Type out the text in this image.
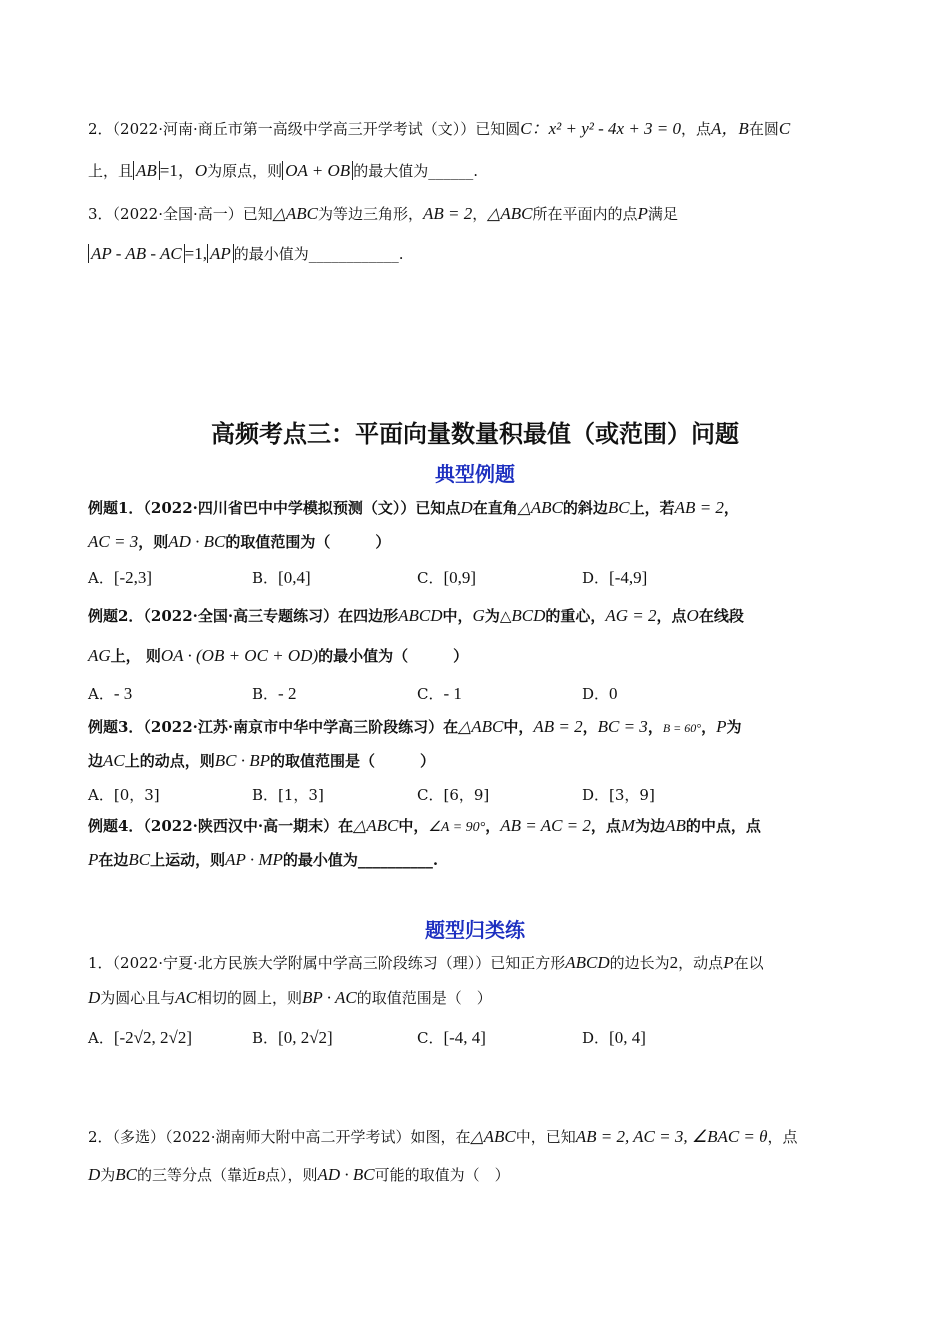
2．（2022·河南·商丘市第一高级中学高三开学考试（文））已知圆C：x² + y² - 4x + 3 = 0，点A，B在圆C
上，且 AB =1，O为原点，则 OA + OB 的最大值为______.
3．（2022·全国·高一）已知△ABC为等边三角形，AB = 2，△ABC所在平面内的点P满足
AP - AB - AC =1, AP 的最小值为____________.
高频考点三：平面向量数量积最值（或范围）问题
典型例题
例题1．（2022·四川省巴中中学模拟预测（文））已知点D在直角△ABC的斜边BC上，若AB = 2，
AC = 3，则AD · BC的取值范围为（　　　）
A．[-2,3]	B．[0,4]	C．[0,9]	D．[-4,9]
例题2．（2022·全国·高三专题练习）在四边形ABCD中，G为△BCD的重心，AG = 2，点O在线段
AG上， 则OA · (OB + OC + OD)的最小值为（　　　）
A．- 3	B．- 2	C．- 1	D．0
例题3．（2022·江苏·南京市中华中学高三阶段练习）在△ABC中，AB = 2，BC = 3，B = 60°，P为
边AC上的动点，则BC · BP的取值范围是（　　　）
A．[0，3]	B．[1，3]	C．[6，9]	D．[3，9]
例题4．（2022·陕西汉中·高一期末）在△ABC中，∠A = 90°，AB = AC = 2，点M为边AB的中点，点
P在边BC上运动，则AP · MP的最小值为__________.
题型归类练
1．（2022·宁夏·北方民族大学附属中学高三阶段练习（理））已知正方形ABCD的边长为2，动点P在以
D为圆心且与AC相切的圆上，则BP · AC的取值范围是（　）
A．[-2√2, 2√2]	B．[0, 2√2]	C．[-4, 4]	D．[0, 4]
2．（多选）（2022·湖南师大附中高二开学考试）如图，在△ABC中，已知AB = 2, AC = 3, ∠BAC = θ，点
D为BC的三等分点（靠近B点），则AD · BC可能的取值为（　）
